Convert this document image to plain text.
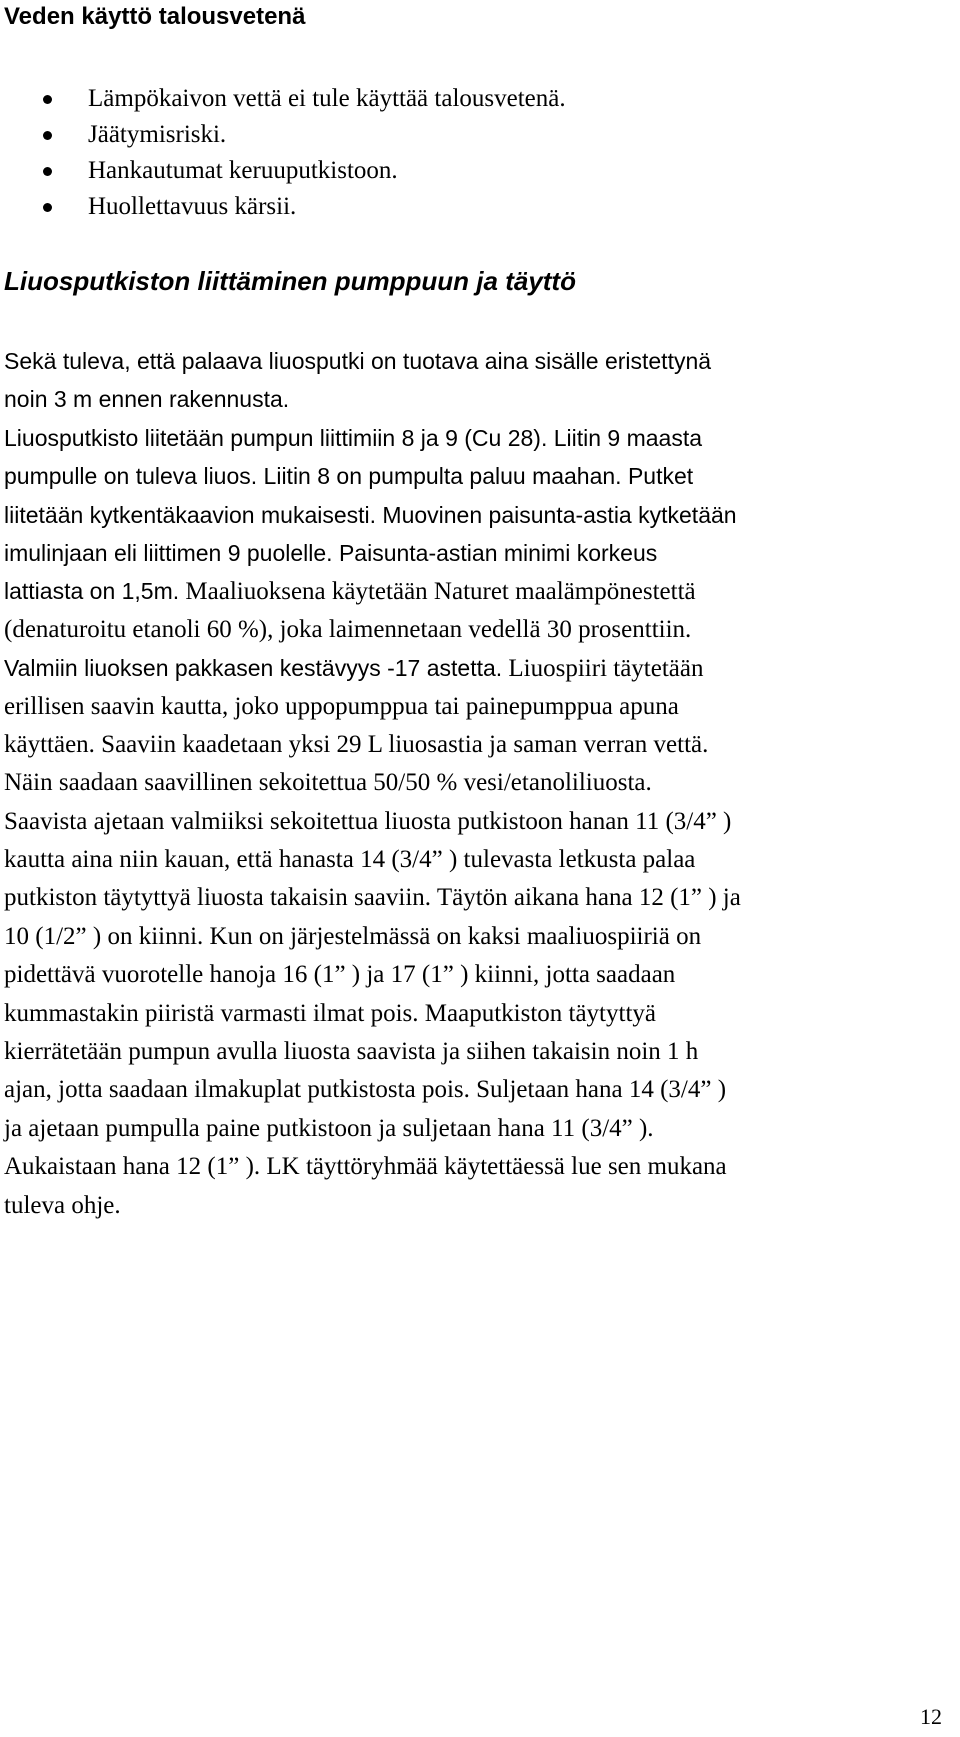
Veden käyttö talousvetenä
Lämpökaivon vettä ei tule käyttää talousvetenä.
Jäätymisriski.
Hankautumat keruuputkistoon.
Huollettavuus kärsii.
Liuosputkiston liittäminen pumppuun ja täyttö
Sekä tuleva, että palaava liuosputki on tuotava aina sisälle eristettynä
noin 3 m ennen rakennusta.
Liuosputkisto liitetään pumpun liittimiin 8 ja 9 (Cu 28). Liitin 9 maasta
pumpulle on tuleva liuos. Liitin 8 on pumpulta paluu maahan. Putket
liitetään kytkentäkaavion mukaisesti. Muovinen paisunta-astia kytketään
imulinjaan eli liittimen 9 puolelle. Paisunta-astian minimi korkeus
lattiasta on 1,5m. Maaliuoksena käytetään Naturet maalämpönestettä
(denaturoitu etanoli 60 %), joka laimennetaan vedellä 30 prosenttiin.
Valmiin liuoksen pakkasen kestävyys -17 astetta. Liuospiiri täytetään
erillisen saavin kautta, joko uppopumppua tai painepumppua apuna
käyttäen. Saaviin kaadetaan yksi 29 L liuosastia ja saman verran vettä.
Näin saadaan saavillinen sekoitettua 50/50 % vesi/etanoliliuosta.
Saavista ajetaan valmiiksi sekoitettua liuosta putkistoon hanan 11 (3/4” )
kautta aina niin kauan, että hanasta 14 (3/4” ) tulevasta letkusta palaa
putkiston täytyttyä liuosta takaisin saaviin. Täytön aikana hana 12 (1” ) ja
10 (1/2” ) on kiinni. Kun on järjestelmässä on kaksi maaliuospiiriä on
pidettävä vuorotelle hanoja 16 (1” ) ja 17 (1” ) kiinni, jotta saadaan
kummastakin piiristä varmasti ilmat pois. Maaputkiston täytyttyä
kierrätetään pumpun avulla liuosta saavista ja siihen takaisin noin 1 h
ajan, jotta saadaan ilmakuplat putkistosta pois. Suljetaan hana 14 (3/4” )
ja ajetaan pumpulla paine putkistoon ja suljetaan hana 11 (3/4” ).
Aukaistaan hana 12 (1” ). LK täyttöryhmää käytettäessä lue sen mukana
tuleva ohje.
12
